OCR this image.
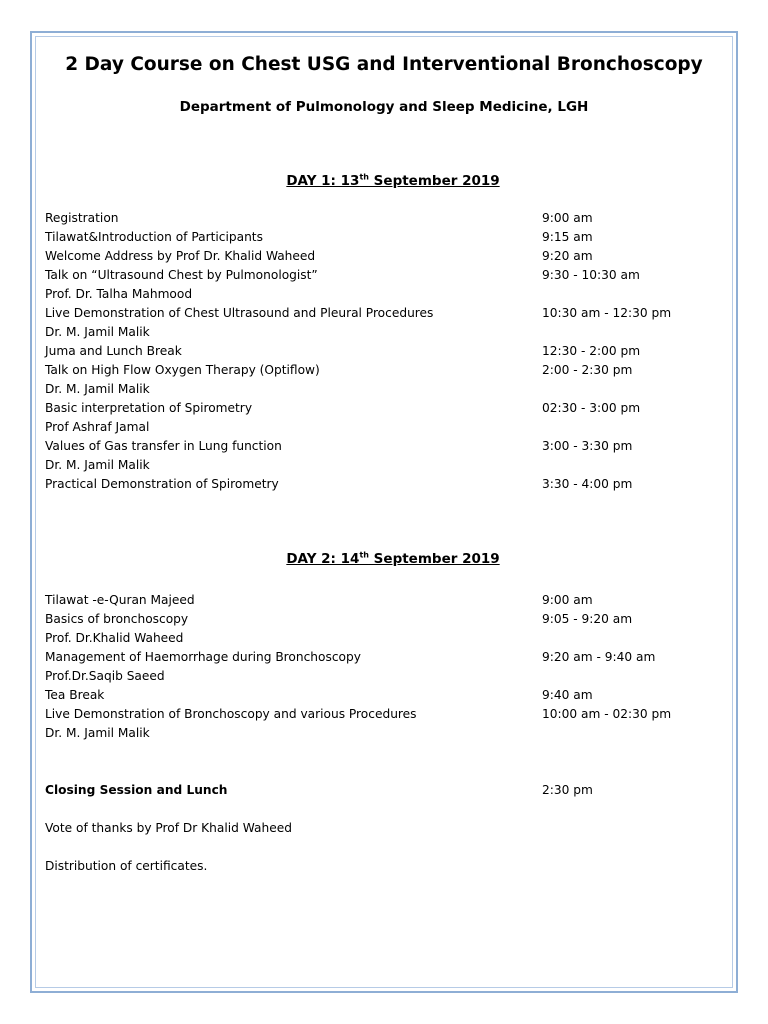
2 Day Course on Chest USG and Interventional Bronchoscopy
Department of Pulmonology and Sleep Medicine, LGH
DAY 1: 13th September 2019
Registration	9:00 am
Tilawat&Introduction of Participants	9:15 am
Welcome Address by Prof Dr. Khalid Waheed	9:20 am
Talk on “Ultrasound Chest by Pulmonologist”	9:30 - 10:30 am
Prof. Dr. Talha Mahmood
Live Demonstration of Chest Ultrasound and Pleural Procedures	10:30 am - 12:30 pm
Dr. M. Jamil Malik
Juma and Lunch Break	12:30 - 2:00 pm
Talk on High Flow Oxygen Therapy (Optiflow)	2:00 - 2:30 pm
Dr. M. Jamil Malik
Basic interpretation of Spirometry	02:30 - 3:00 pm
Prof Ashraf Jamal
Values of Gas transfer in Lung function	3:00 - 3:30 pm
Dr. M. Jamil Malik
Practical Demonstration of Spirometry	3:30 - 4:00 pm
DAY 2: 14th September 2019
Tilawat -e-Quran Majeed	9:00 am
Basics of bronchoscopy	9:05 - 9:20 am
Prof. Dr.Khalid Waheed
Management of Haemorrhage during Bronchoscopy	9:20 am - 9:40 am
Prof.Dr.Saqib Saeed
Tea Break	9:40 am
Live Demonstration of Bronchoscopy and various Procedures	10:00 am - 02:30 pm
Dr. M. Jamil Malik
Closing Session and Lunch	2:30 pm

Vote of thanks by Prof Dr Khalid Waheed

Distribution of certificates.
